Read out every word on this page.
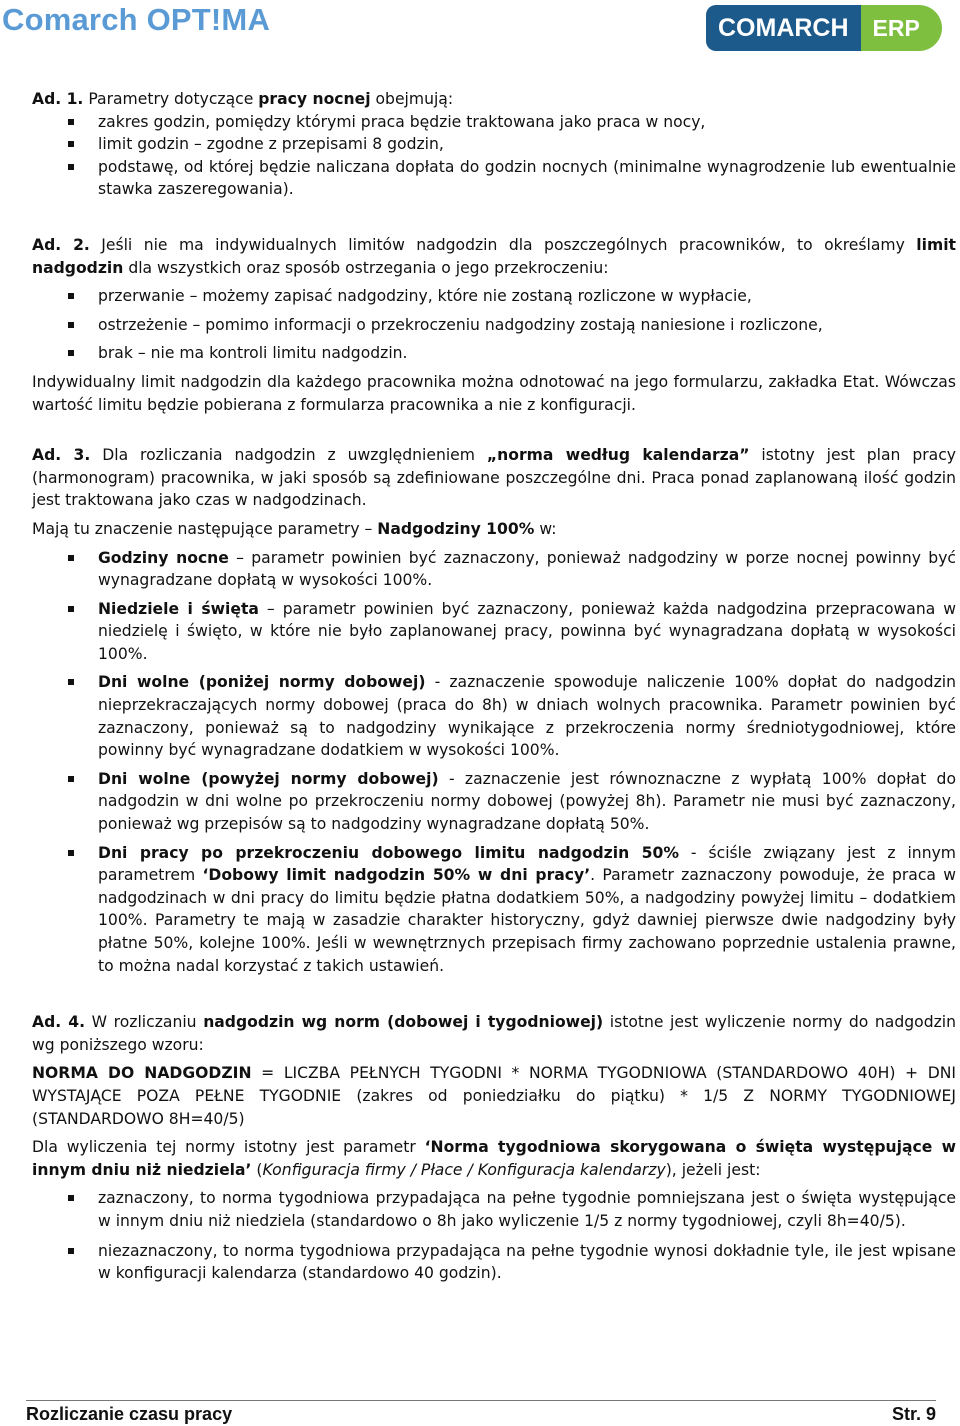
Comarch OPT!MA	COMARCH	ERP

Ad. 1. Parametry dotyczące pracy nocnej obejmują:

zakres godzin, pomiędzy którymi praca będzie traktowana jako praca w nocy,
limit godzin – zgodne z przepisami 8 godzin,
podstawę, od której będzie naliczana dopłata do godzin nocnych (minimalne wynagrodzenie lub ewentualnie stawka zaszeregowania).

Ad. 2. Jeśli nie ma indywidualnych limitów nadgodzin dla poszczególnych pracowników, to określamy limit nadgodzin dla wszystkich oraz sposób ostrzegania o jego przekroczeniu:

przerwanie – możemy zapisać nadgodziny, które nie zostaną rozliczone w wypłacie,
ostrzeżenie – pomimo informacji o przekroczeniu nadgodziny zostają naniesione i rozliczone,
brak – nie ma kontroli limitu nadgodzin.

Indywidualny limit nadgodzin dla każdego pracownika można odnotować na jego formularzu, zakładka Etat. Wówczas wartość limitu będzie pobierana z formularza pracownika a nie z konfiguracji.

Ad. 3. Dla rozliczania nadgodzin z uwzględnieniem „norma według kalendarza” istotny jest plan pracy (harmonogram) pracownika, w jaki sposób są zdefiniowane poszczególne dni. Praca ponad zaplanowaną ilość godzin jest traktowana jako czas w nadgodzinach.

Mają tu znaczenie następujące parametry – Nadgodziny 100% w:

Godziny nocne – parametr powinien być zaznaczony, ponieważ nadgodziny w porze nocnej powinny być wynagradzane dopłatą w wysokości 100%.
Niedziele i święta – parametr powinien być zaznaczony, ponieważ każda nadgodzina przepracowana w niedzielę i święto, w które nie było zaplanowanej pracy, powinna być wynagradzana dopłatą w wysokości 100%.
Dni wolne (poniżej normy dobowej) - zaznaczenie spowoduje naliczenie 100% dopłat do nadgodzin nieprzekraczających normy dobowej (praca do 8h) w dniach wolnych pracownika. Parametr powinien być zaznaczony, ponieważ są to nadgodziny wynikające z przekroczenia normy średniotygodniowej, które powinny być wynagradzane dodatkiem w wysokości 100%.
Dni wolne (powyżej normy dobowej) - zaznaczenie jest równoznaczne z wypłatą 100% dopłat do nadgodzin w dni wolne po przekroczeniu normy dobowej (powyżej 8h). Parametr nie musi być zaznaczony, ponieważ wg przepisów są to nadgodziny wynagradzane dopłatą 50%.
Dni pracy po przekroczeniu dobowego limitu nadgodzin 50% - ściśle związany jest z innym parametrem ‘Dobowy limit nadgodzin 50% w dni pracy’. Parametr zaznaczony powoduje, że praca w nadgodzinach w dni pracy do limitu będzie płatna dodatkiem 50%, a nadgodziny powyżej limitu – dodatkiem 100%. Parametry te mają w zasadzie charakter historyczny, gdyż dawniej pierwsze dwie nadgodziny były płatne 50%, kolejne 100%. Jeśli w wewnętrznych przepisach firmy zachowano poprzednie ustalenia prawne, to można nadal korzystać z takich ustawień.

Ad. 4. W rozliczaniu nadgodzin wg norm (dobowej i tygodniowej) istotne jest wyliczenie normy do nadgodzin wg poniższego wzoru:

NORMA DO NADGODZIN = LICZBA PEŁNYCH TYGODNI * NORMA TYGODNIOWA (STANDARDOWO 40H) + DNI WYSTAJĄCE POZA PEŁNE TYGODNIE (zakres od poniedziałku do piątku) * 1/5 Z NORMY TYGODNIOWEJ (STANDARDOWO 8H=40/5)

Dla wyliczenia tej normy istotny jest parametr ‘Norma tygodniowa skorygowana o święta występujące w innym dniu niż niedziela’ (Konfiguracja firmy / Płace / Konfiguracja kalendarzy), jeżeli jest:

zaznaczony, to norma tygodniowa przypadająca na pełne tygodnie pomniejszana jest o święta występujące w innym dniu niż niedziela (standardowo o 8h jako wyliczenie 1/5 z normy tygodniowej, czyli 8h=40/5).
niezaznaczony, to norma tygodniowa przypadająca na pełne tygodnie wynosi dokładnie tyle, ile jest wpisane w konfiguracji kalendarza (standardowo 40 godzin).
Rozliczanie czasu pracy	Str. 9
